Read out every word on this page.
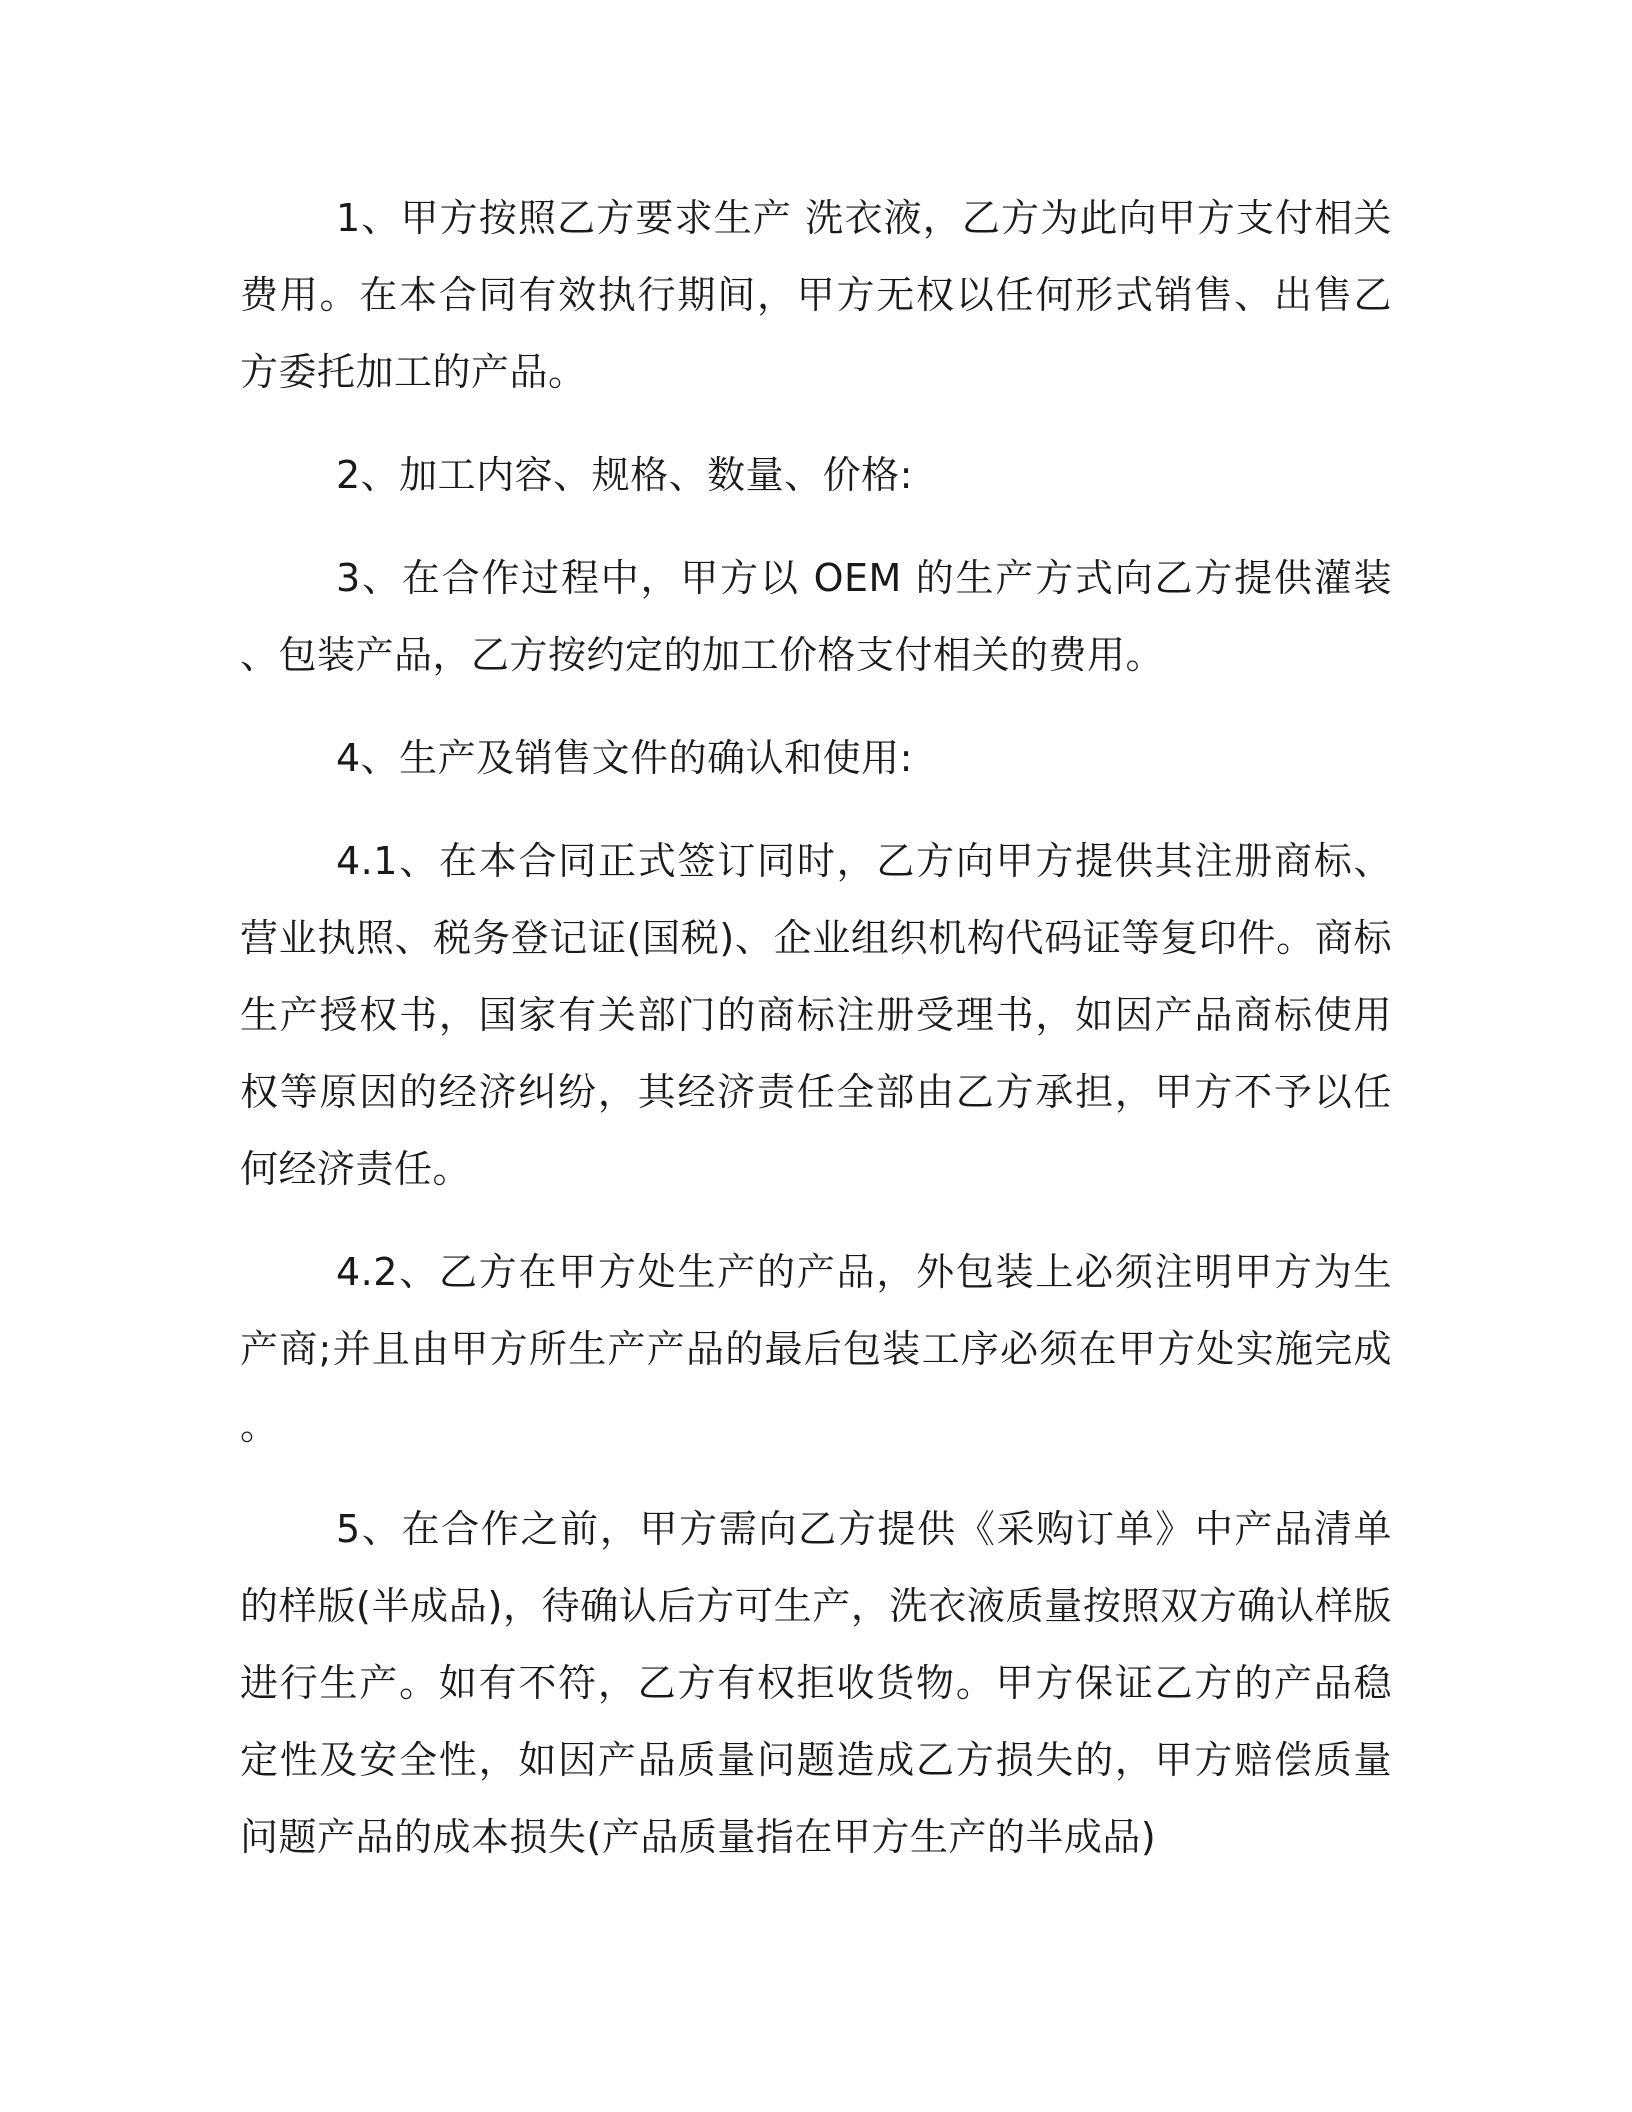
1、甲方按照乙方要求生产 洗衣液，乙方为此向甲方支付相关费用。在本合同有效执行期间，甲方无权以任何形式销售、出售乙方委托加工的产品。

2、加工内容、规格、数量、价格:

3、在合作过程中，甲方以 OEM 的生产方式向乙方提供灌装、包装产品，乙方按约定的加工价格支付相关的费用。

4、生产及销售文件的确认和使用:

4.1、在本合同正式签订同时，乙方向甲方提供其注册商标、营业执照、税务登记证(国税)、企业组织机构代码证等复印件。商标生产授权书，国家有关部门的商标注册受理书，如因产品商标使用权等原因的经济纠纷，其经济责任全部由乙方承担，甲方不予以任何经济责任。

4.2、乙方在甲方处生产的产品，外包装上必须注明甲方为生产商;并且由甲方所生产产品的最后包装工序必须在甲方处实施完成。

5、在合作之前，甲方需向乙方提供《采购订单》中产品清单的样版(半成品)，待确认后方可生产，洗衣液质量按照双方确认样版进行生产。如有不符，乙方有权拒收货物。甲方保证乙方的产品稳定性及安全性，如因产品质量问题造成乙方损失的，甲方赔偿质量问题产品的成本损失(产品质量指在甲方生产的半成品)
